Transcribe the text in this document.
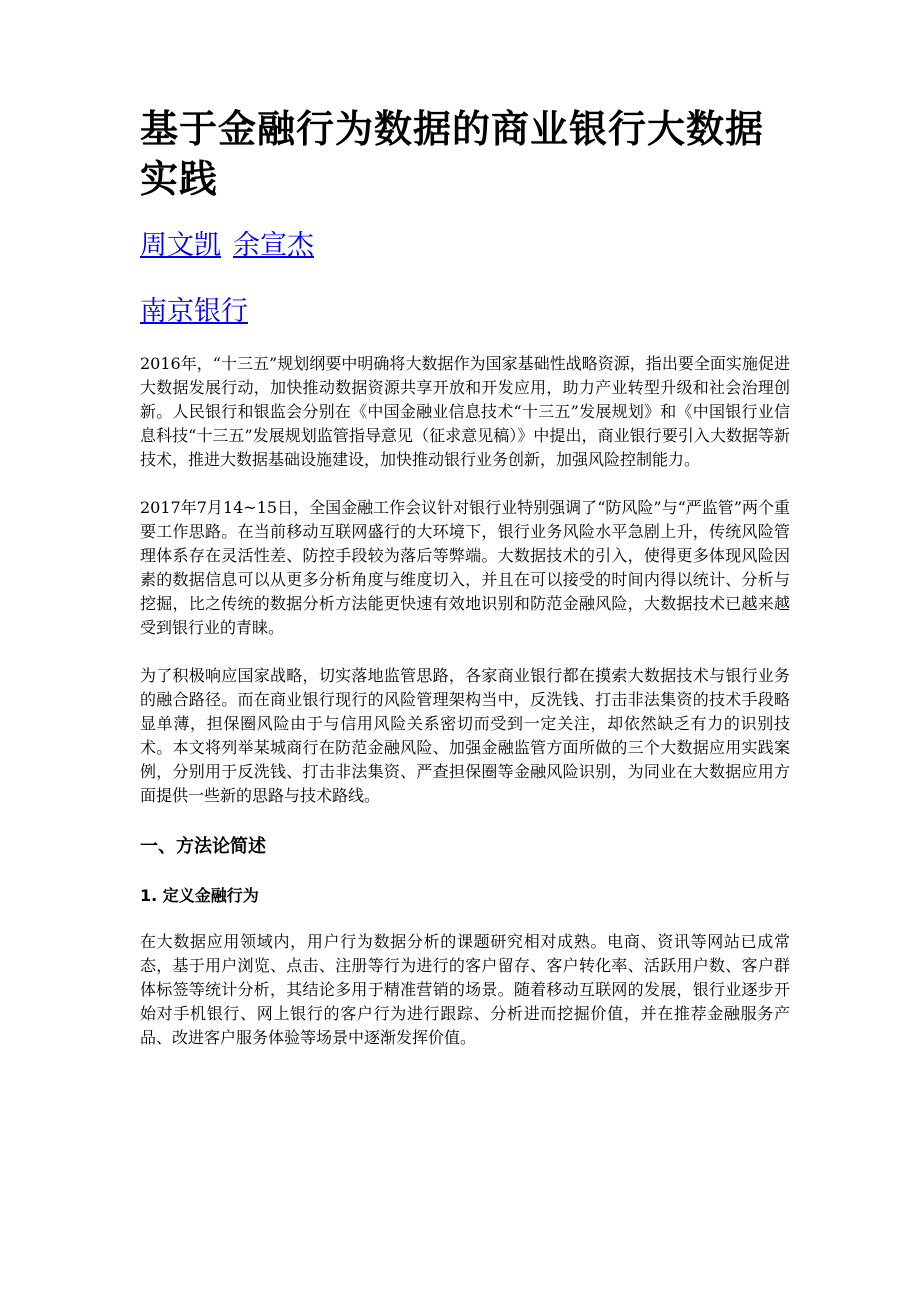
基于金融行为数据的商业银行大数据实践
周文凯 余宣杰
南京银行

2016年，“十三五”规划纲要中明确将大数据作为国家基础性战略资源，指出要全面实施促进大数据发展行动，加快推动数据资源共享开放和开发应用，助力产业转型升级和社会治理创新。人民银行和银监会分别在《中国金融业信息技术“十三五”发展规划》和《中国银行业信息科技“十三五”发展规划监管指导意见（征求意见稿）》中提出，商业银行要引入大数据等新技术，推进大数据基础设施建设，加快推动银行业务创新，加强风险控制能力。

2017年7月14~15日，全国金融工作会议针对银行业特别强调了“防风险”与“严监管”两个重要工作思路。在当前移动互联网盛行的大环境下，银行业务风险水平急剧上升，传统风险管理体系存在灵活性差、防控手段较为落后等弊端。大数据技术的引入，使得更多体现风险因素的数据信息可以从更多分析角度与维度切入，并且在可以接受的时间内得以统计、分析与挖掘，比之传统的数据分析方法能更快速有效地识别和防范金融风险，大数据技术已越来越受到银行业的青睐。

为了积极响应国家战略，切实落地监管思路，各家商业银行都在摸索大数据技术与银行业务的融合路径。而在商业银行现行的风险管理架构当中，反洗钱、打击非法集资的技术手段略显单薄，担保圈风险由于与信用风险关系密切而受到一定关注，却依然缺乏有力的识别技术。本文将列举某城商行在防范金融风险、加强金融监管方面所做的三个大数据应用实践案例，分别用于反洗钱、打击非法集资、严查担保圈等金融风险识别，为同业在大数据应用方面提供一些新的思路与技术路线。

一、方法论简述
1. 定义金融行为

在大数据应用领域内，用户行为数据分析的课题研究相对成熟。电商、资讯等网站已成常态，基于用户浏览、点击、注册等行为进行的客户留存、客户转化率、活跃用户数、客户群体标签等统计分析，其结论多用于精准营销的场景。随着移动互联网的发展，银行业逐步开始对手机银行、网上银行的客户行为进行跟踪、分析进而挖掘价值，并在推荐金融服务产品、改进客户服务体验等场景中逐渐发挥价值。
